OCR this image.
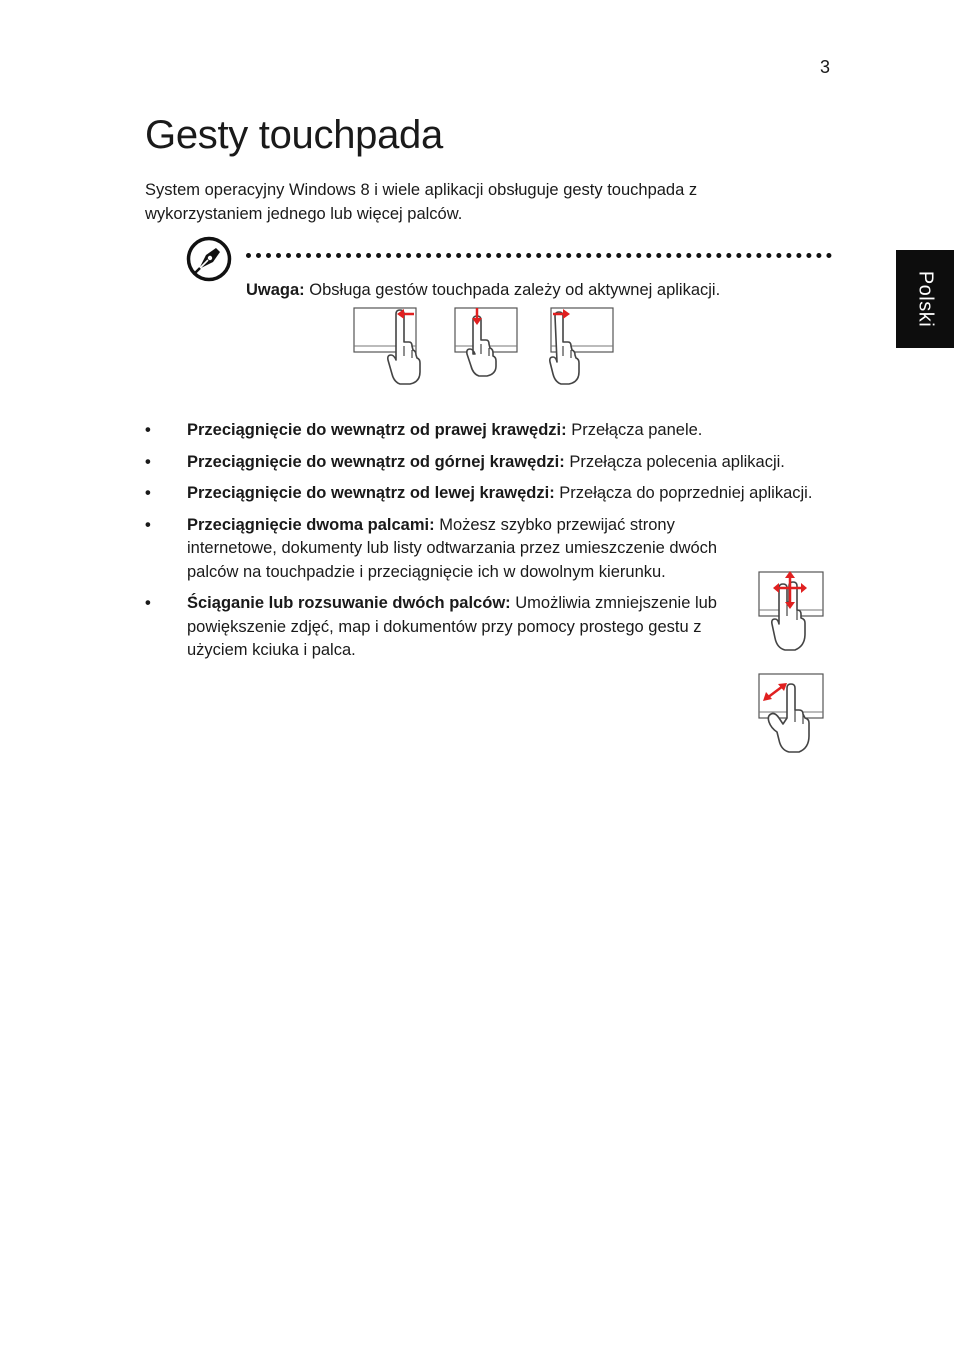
3
Polski
Gesty touchpada

System operacyjny Windows 8 i wiele aplikacji obsługuje gesty touchpada z wykorzystaniem jednego lub więcej palców.

Uwaga: Obsługa gestów touchpada zależy od aktywnej aplikacji.

• Przeciągnięcie do wewnątrz od prawej krawędzi: Przełącza panele.
• Przeciągnięcie do wewnątrz od górnej krawędzi: Przełącza polecenia aplikacji.
• Przeciągnięcie do wewnątrz od lewej krawędzi: Przełącza do poprzedniej aplikacji.
• Przeciągnięcie dwoma palcami: Możesz szybko przewijać strony internetowe, dokumenty lub listy odtwarzania przez umieszczenie dwóch palców na touchpadzie i przeciągnięcie ich w dowolnym kierunku.
• Ściąganie lub rozsuwanie dwóch palców: Umożliwia zmniejszenie lub powiększenie zdjęć, map i dokumentów przy pomocy prostego gestu z użyciem kciuka i palca.
